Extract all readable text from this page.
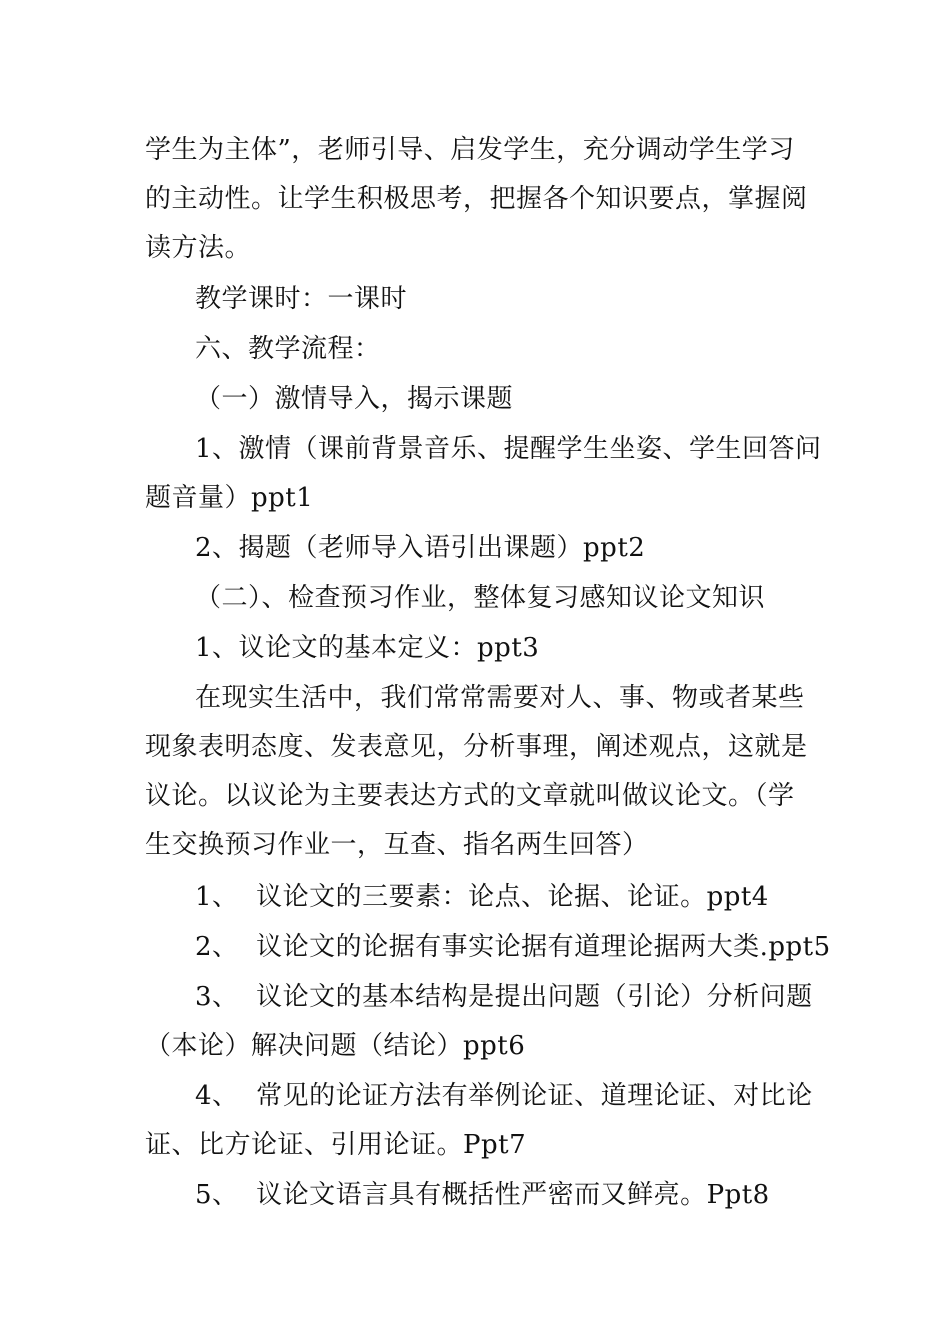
学生为主体”，老师引导、启发学生，充分调动学生学习
的主动性。让学生积极思考，把握各个知识要点，掌握阅
读方法。
教学课时：一课时
六、教学流程：
（一）激情导入，揭示课题
1、激情（课前背景音乐、提醒学生坐姿、学生回答问
题音量）ppt1
2、揭题（老师导入语引出课题）ppt2
（二）、检查预习作业，整体复习感知议论文知识
1、议论文的基本定义：ppt3
在现实生活中，我们常常需要对人、事、物或者某些
现象表明态度、发表意见，分析事理，阐述观点，这就是
议论。以议论为主要表达方式的文章就叫做议论文。（学
生交换预习作业一，互查、指名两生回答）
1、  议论文的三要素：论点、论据、论证。ppt4
2、  议论文的论据有事实论据有道理论据两大类.ppt5
3、  议论文的基本结构是提出问题（引论）分析问题
（本论）解决问题（结论）ppt6
4、  常见的论证方法有举例论证、道理论证、对比论
证、比方论证、引用论证。Ppt7
5、  议论文语言具有概括性严密而又鲜亮。Ppt8
